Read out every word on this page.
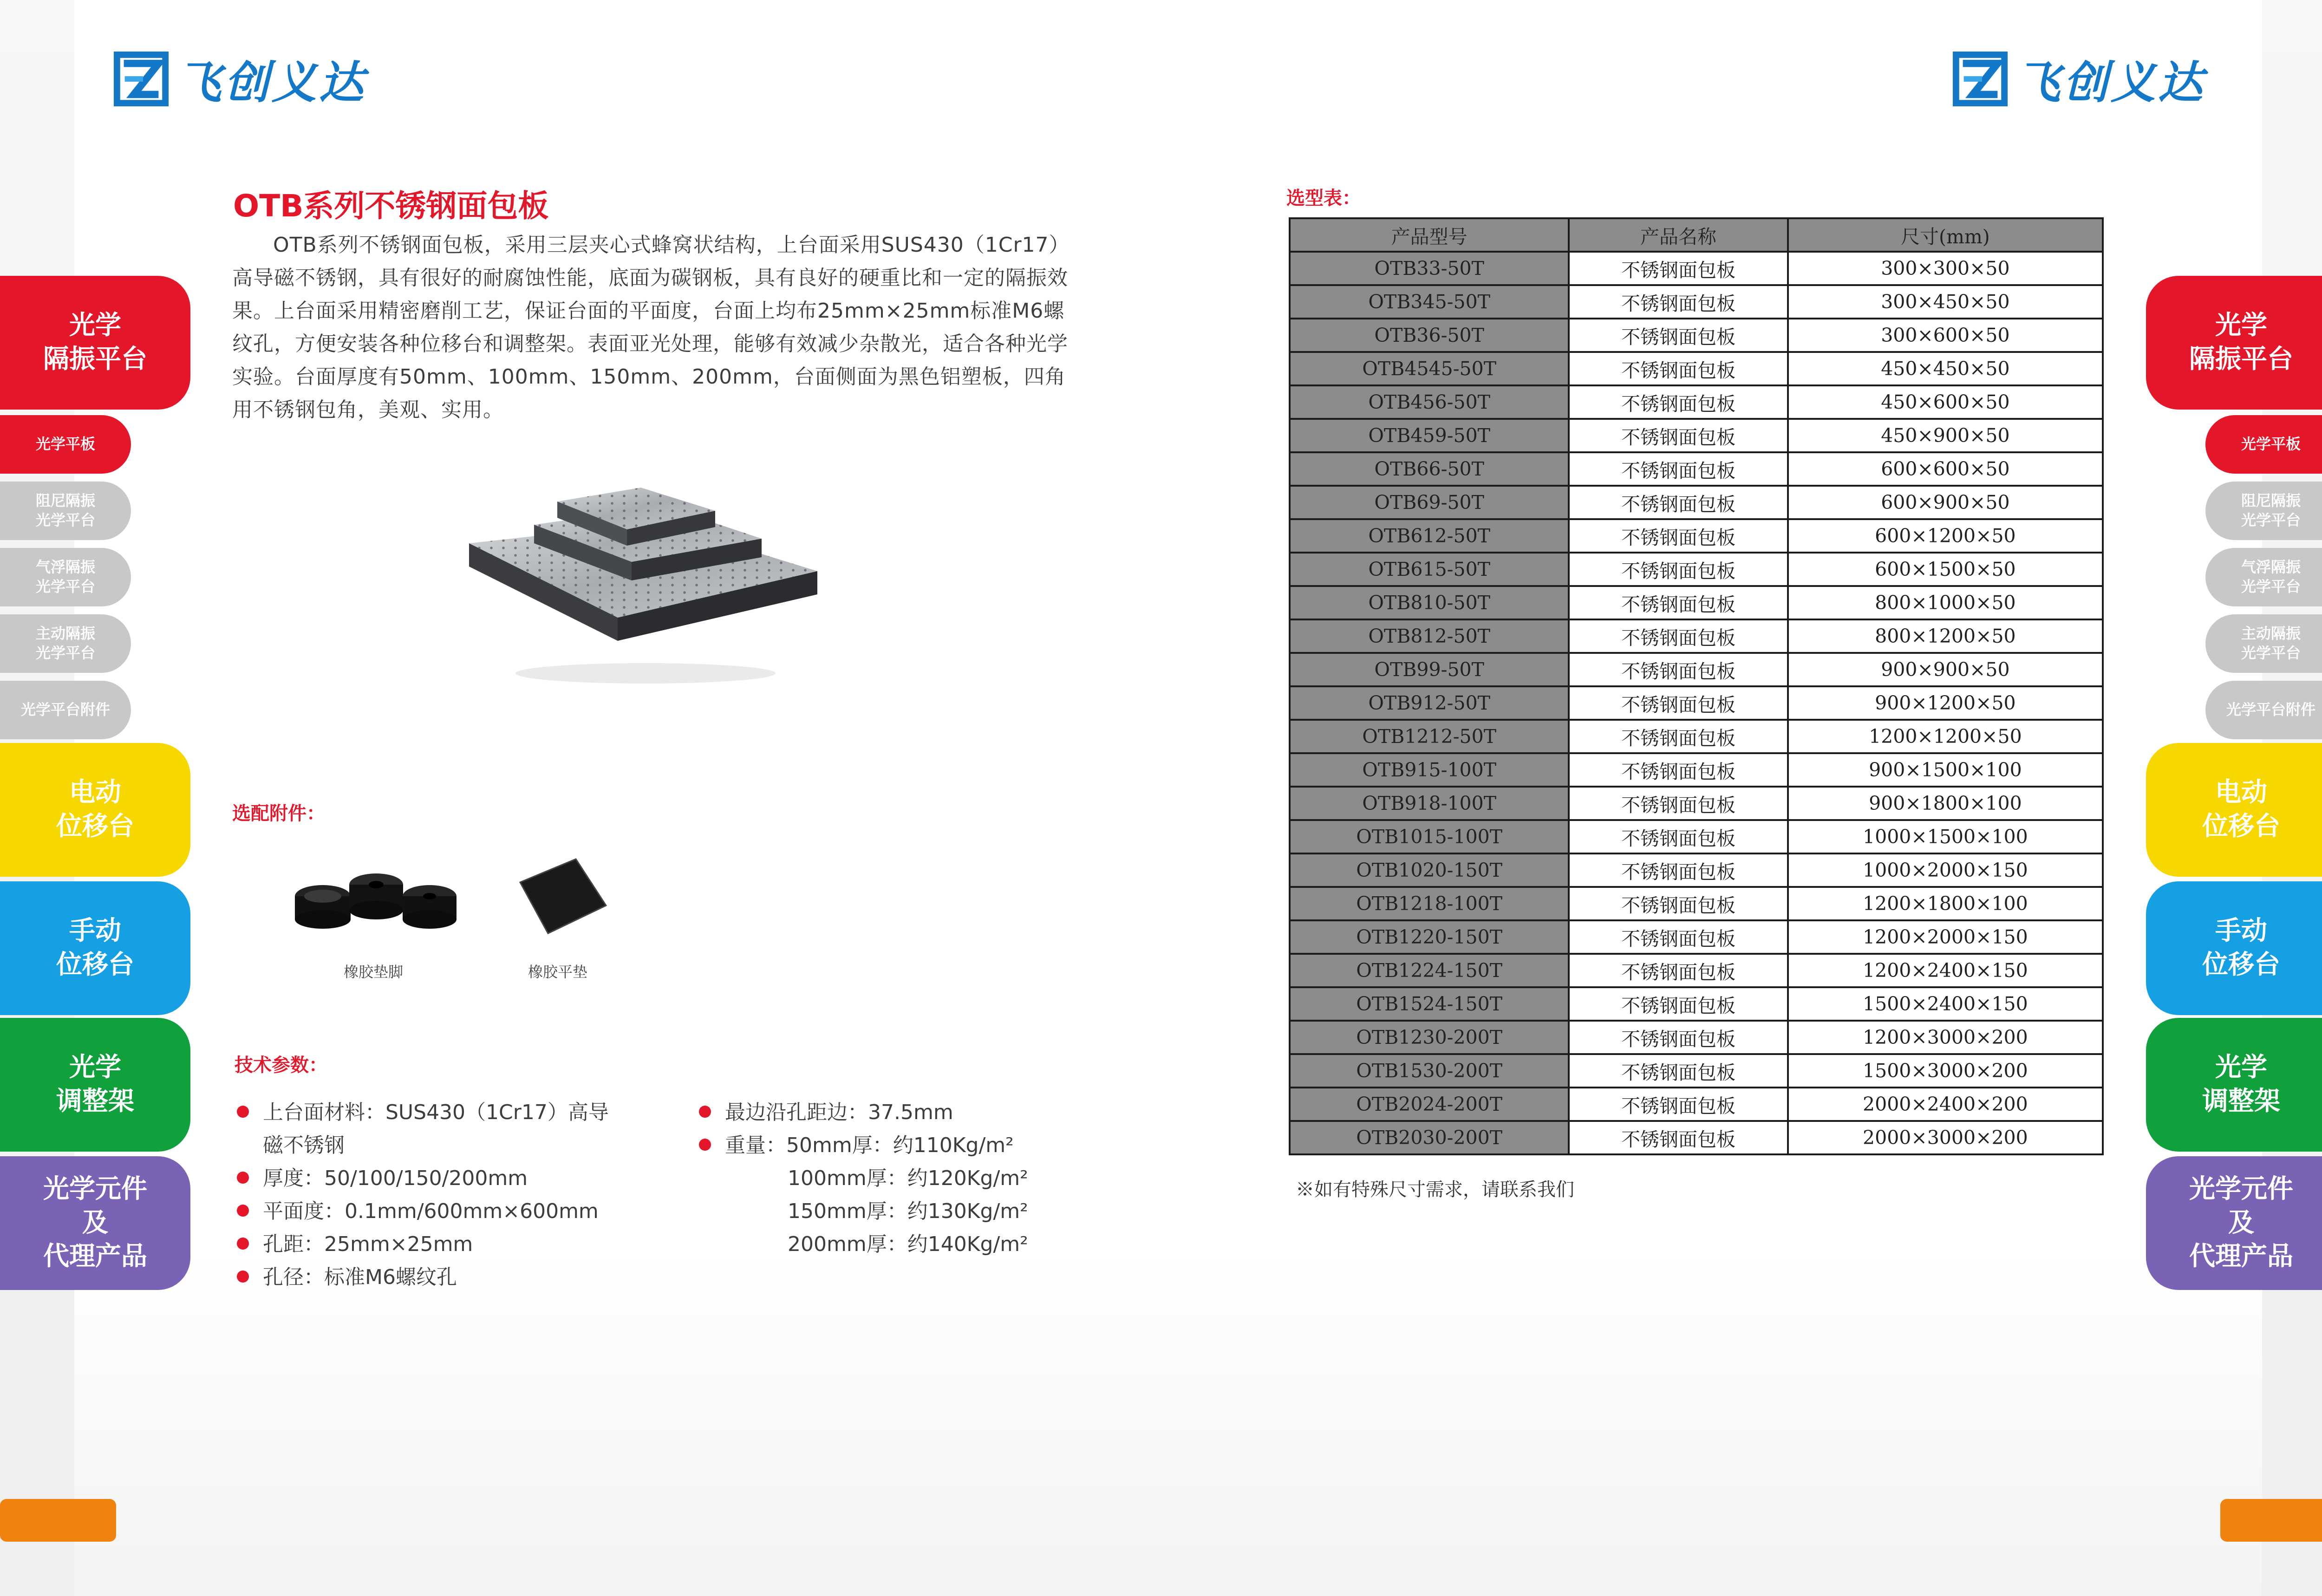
飞创义达	飞创义达
光学
隔振平台
光学平板
阻尼隔振
光学平台
气浮隔振
光学平台
主动隔振
光学平台
光学平台附件
电动
位移台
手动
位移台
光学
调整架
光学元件
及
代理产品
光学
隔振平台
光学平板
阻尼隔振
光学平台
气浮隔振
光学平台
主动隔振
光学平台
光学平台附件
电动
位移台
手动
位移台
光学
调整架
光学元件
及
代理产品
OTB系列不锈钢面包板
OTB系列不锈钢面包板，采用三层夹心式蜂窝状结构，上台面采用SUS430（1Cr17）高导磁不锈钢，具有很好的耐腐蚀性能，底面为碳钢板，具有良好的硬重比和一定的隔振效果。上台面采用精密磨削工艺，保证台面的平面度，台面上均布25mm×25mm标准M6螺纹孔，方便安装各种位移台和调整架。表面亚光处理，能够有效减少杂散光，适合各种光学实验。台面厚度有50mm、100mm、150mm、200mm，台面侧面为黑色铝塑板，四角用不锈钢包角，美观、实用。
选配附件：
橡胶垫脚	橡胶平垫
技术参数：
上台面材料：SUS430（1Cr17）高导
磁不锈钢
厚度：50/100/150/200mm
平面度：0.1mm/600mm×600mm
孔距：25mm×25mm
孔径：标准M6螺纹孔
最边沿孔距边：37.5mm
重量：50mm厚：约110Kg/m²
100mm厚：约120Kg/m²
150mm厚：约130Kg/m²
200mm厚：约140Kg/m²
选型表：
产品型号	产品名称	尺寸(mm)
OTB33-50T	不锈钢面包板	300×300×50
OTB345-50T	不锈钢面包板	300×450×50
OTB36-50T	不锈钢面包板	300×600×50
OTB4545-50T	不锈钢面包板	450×450×50
OTB456-50T	不锈钢面包板	450×600×50
OTB459-50T	不锈钢面包板	450×900×50
OTB66-50T	不锈钢面包板	600×600×50
OTB69-50T	不锈钢面包板	600×900×50
OTB612-50T	不锈钢面包板	600×1200×50
OTB615-50T	不锈钢面包板	600×1500×50
OTB810-50T	不锈钢面包板	800×1000×50
OTB812-50T	不锈钢面包板	800×1200×50
OTB99-50T	不锈钢面包板	900×900×50
OTB912-50T	不锈钢面包板	900×1200×50
OTB1212-50T	不锈钢面包板	1200×1200×50
OTB915-100T	不锈钢面包板	900×1500×100
OTB918-100T	不锈钢面包板	900×1800×100
OTB1015-100T	不锈钢面包板	1000×1500×100
OTB1020-150T	不锈钢面包板	1000×2000×150
OTB1218-100T	不锈钢面包板	1200×1800×100
OTB1220-150T	不锈钢面包板	1200×2000×150
OTB1224-150T	不锈钢面包板	1200×2400×150
OTB1524-150T	不锈钢面包板	1500×2400×150
OTB1230-200T	不锈钢面包板	1200×3000×200
OTB1530-200T	不锈钢面包板	1500×3000×200
OTB2024-200T	不锈钢面包板	2000×2400×200
OTB2030-200T	不锈钢面包板	2000×3000×200
※如有特殊尺寸需求，请联系我们
